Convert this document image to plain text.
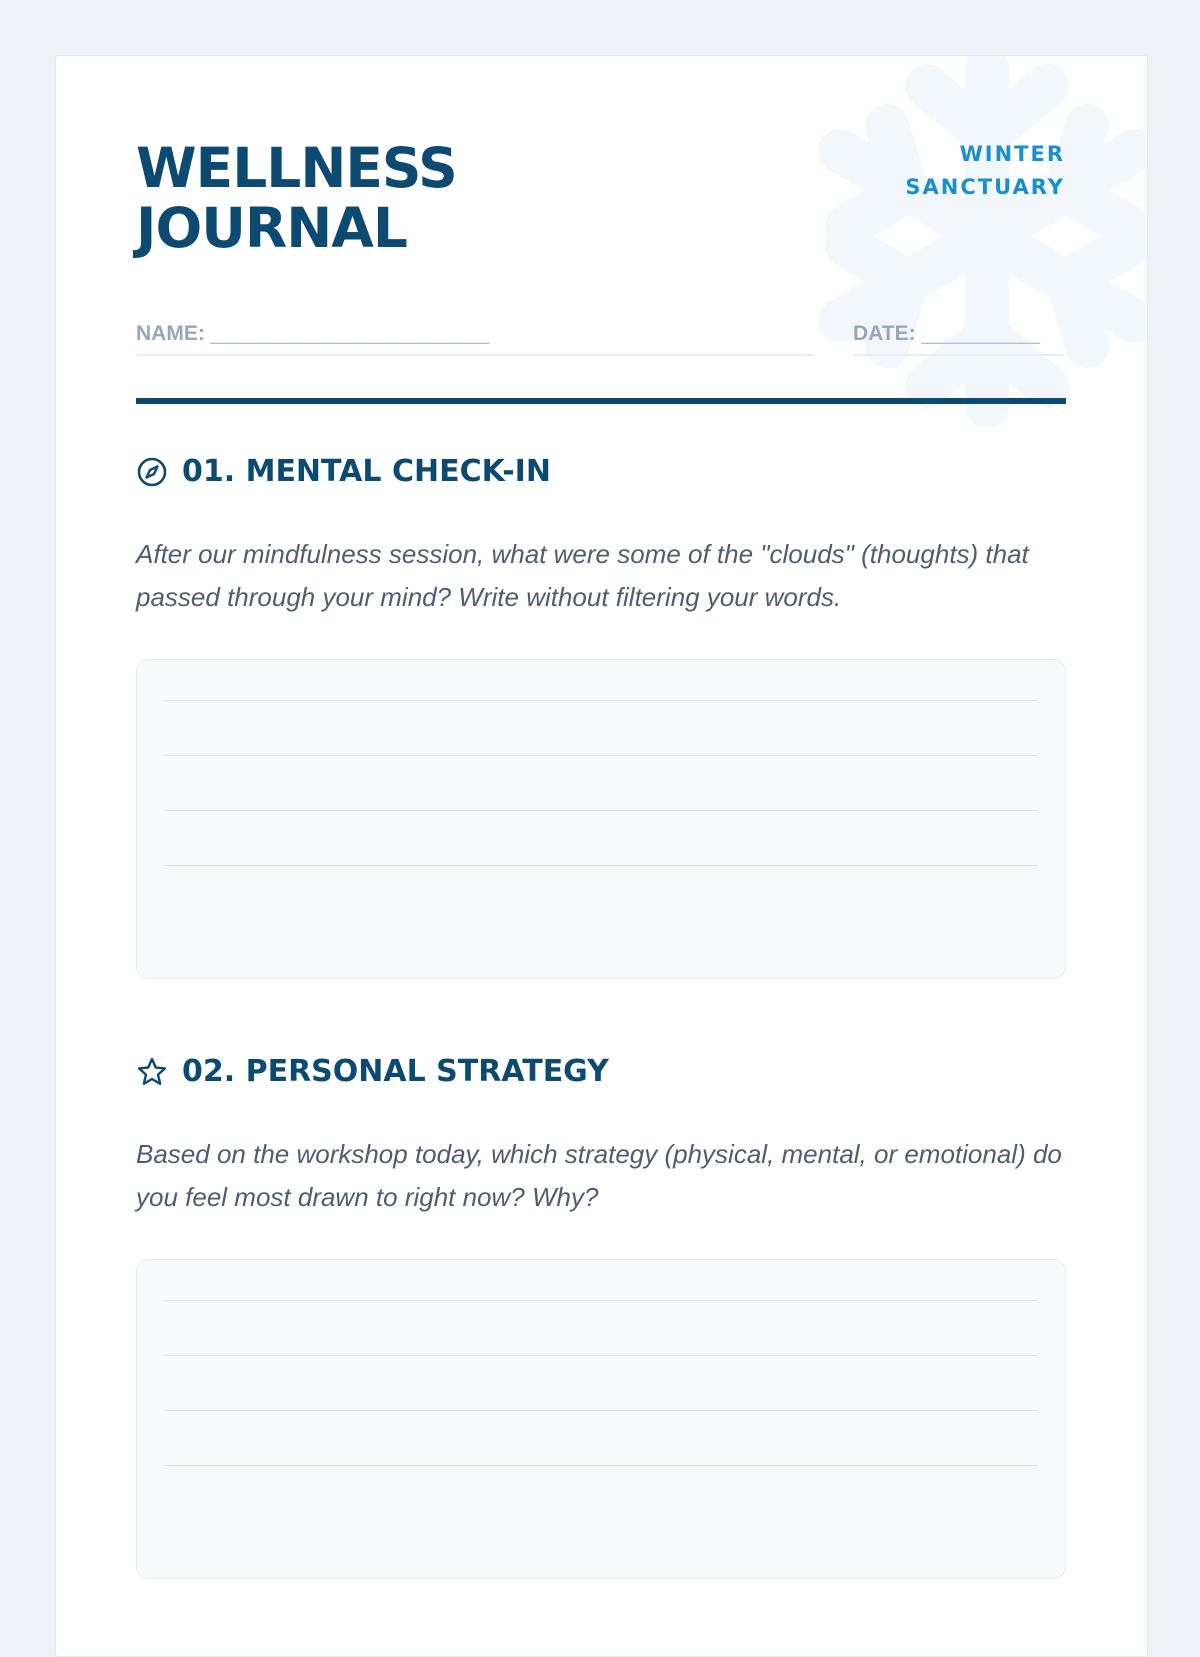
WELLNESS
JOURNAL
WINTER
SANCTUARY
NAME:
__________________________	DATE:
___________
01. MENTAL CHECK-IN

After our mindfulness session, what were some of the "clouds" (thoughts) that passed through your mind? Write without filtering your words.

02. PERSONAL STRATEGY

Based on the workshop today, which strategy (physical, mental, or emotional) do you feel most drawn to right now? Why?
